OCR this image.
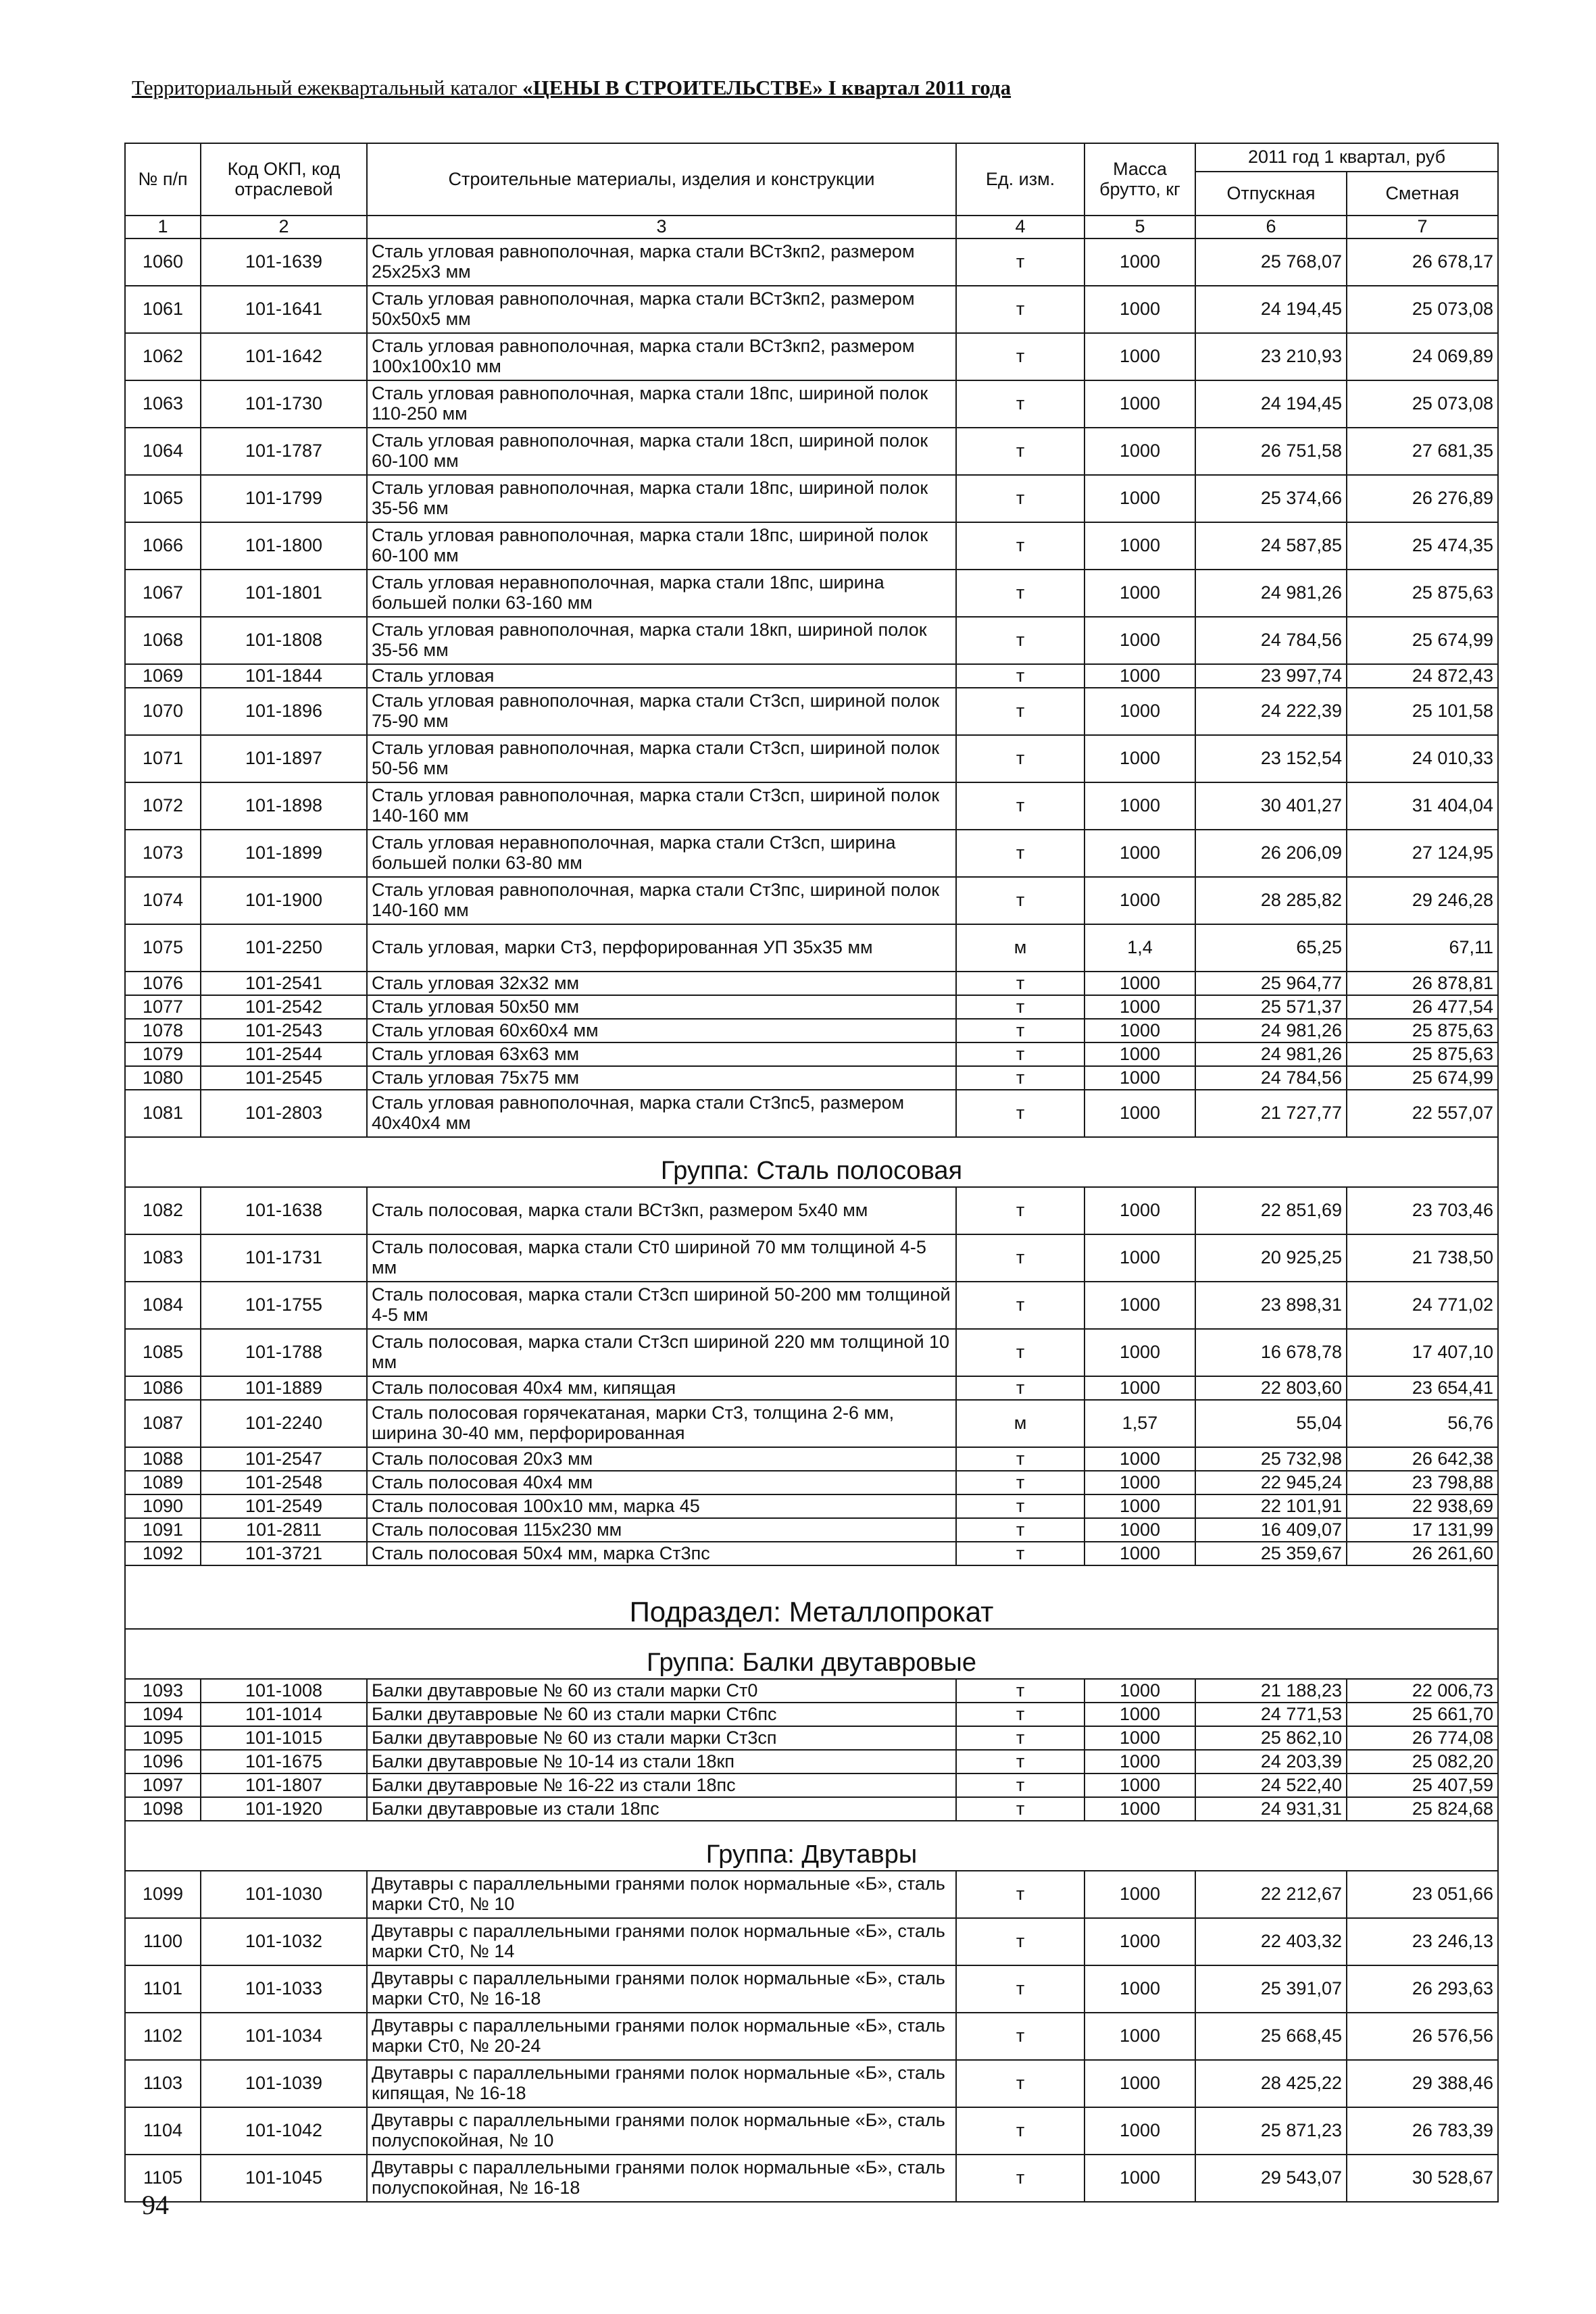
Территориальный ежеквартальный каталог «ЦЕНЫ В СТРОИТЕЛЬСТВЕ» I квартал 2011 года
№ п/п	Код ОКП, код отраслевой	Строительные материалы, изделия и конструкции	Ед. изм.	Масса брутто, кг	2011 год 1 квартал, руб	
					Отпускная	Сметная
1	2	3	4	5	6	7
1060	101-1639	Сталь угловая равнополочная, марка стали ВСт3кп2, размером 25x25x3 мм	т	1000	25 768,07	26 678,17
1061	101-1641	Сталь угловая равнополочная, марка стали ВСт3кп2, размером 50x50x5 мм	т	1000	24 194,45	25 073,08
1062	101-1642	Сталь угловая равнополочная, марка стали ВСт3кп2, размером 100x100x10 мм	т	1000	23 210,93	24 069,89
1063	101-1730	Сталь угловая равнополочная, марка стали 18пс, шириной полок 110-250 мм	т	1000	24 194,45	25 073,08
1064	101-1787	Сталь угловая равнополочная, марка стали 18сп, шириной полок 60-100 мм	т	1000	26 751,58	27 681,35
1065	101-1799	Сталь угловая равнополочная, марка стали 18пс, шириной полок 35-56 мм	т	1000	25 374,66	26 276,89
1066	101-1800	Сталь угловая равнополочная, марка стали 18пс, шириной полок 60-100 мм	т	1000	24 587,85	25 474,35
1067	101-1801	Сталь угловая неравнополочная, марка стали 18пс, ширина большей полки 63-160 мм	т	1000	24 981,26	25 875,63
1068	101-1808	Сталь угловая равнополочная, марка стали 18кп, шириной полок 35-56 мм	т	1000	24 784,56	25 674,99
1069	101-1844	Сталь угловая	т	1000	23 997,74	24 872,43
1070	101-1896	Сталь угловая равнополочная, марка стали Ст3сп, шириной полок 75-90 мм	т	1000	24 222,39	25 101,58
1071	101-1897	Сталь угловая равнополочная, марка стали Ст3сп, шириной полок 50-56 мм	т	1000	23 152,54	24 010,33
1072	101-1898	Сталь угловая равнополочная, марка стали Ст3сп, шириной полок 140-160 мм	т	1000	30 401,27	31 404,04
1073	101-1899	Сталь угловая неравнополочная, марка стали Ст3сп, ширина большей полки 63-80 мм	т	1000	26 206,09	27 124,95
1074	101-1900	Сталь угловая равнополочная, марка стали Ст3пс, шириной полок 140-160 мм	т	1000	28 285,82	29 246,28
1075	101-2250	Сталь угловая, марки Ст3, перфорированная УП 35x35 мм	м	1,4	65,25	67,11
1076	101-2541	Сталь угловая 32x32 мм	т	1000	25 964,77	26 878,81
1077	101-2542	Сталь угловая 50x50 мм	т	1000	25 571,37	26 477,54
1078	101-2543	Сталь угловая 60x60x4 мм	т	1000	24 981,26	25 875,63
1079	101-2544	Сталь угловая 63x63 мм	т	1000	24 981,26	25 875,63
1080	101-2545	Сталь угловая 75x75 мм	т	1000	24 784,56	25 674,99
1081	101-2803	Сталь угловая равнополочная, марка стали Ст3пс5, размером 40x40x4 мм	т	1000	21 727,77	22 557,07
Группа: Сталь полосовая						
1082	101-1638	Сталь полосовая, марка стали ВСт3кп, размером 5x40 мм	т	1000	22 851,69	23 703,46
1083	101-1731	Сталь полосовая, марка стали Ст0 шириной 70 мм толщиной 4-5 мм	т	1000	20 925,25	21 738,50
1084	101-1755	Сталь полосовая, марка стали Ст3сп шириной 50-200 мм толщиной 4-5 мм	т	1000	23 898,31	24 771,02
1085	101-1788	Сталь полосовая, марка стали Ст3сп шириной 220 мм толщиной 10 мм	т	1000	16 678,78	17 407,10
1086	101-1889	Сталь полосовая 40x4 мм, кипящая	т	1000	22 803,60	23 654,41
1087	101-2240	Сталь полосовая горячекатаная, марки Ст3, толщина 2-6 мм, ширина 30-40 мм, перфорированная	м	1,57	55,04	56,76
1088	101-2547	Сталь полосовая 20x3 мм	т	1000	25 732,98	26 642,38
1089	101-2548	Сталь полосовая 40x4 мм	т	1000	22 945,24	23 798,88
1090	101-2549	Сталь полосовая 100x10 мм, марка 45	т	1000	22 101,91	22 938,69
1091	101-2811	Сталь полосовая 115x230 мм	т	1000	16 409,07	17 131,99
1092	101-3721	Сталь полосовая 50x4 мм, марка Ст3пс	т	1000	25 359,67	26 261,60
Подраздел: Металлопрокат						
Группа: Балки двутавровые						
1093	101-1008	Балки двутавровые № 60 из стали марки Ст0	т	1000	21 188,23	22 006,73
1094	101-1014	Балки двутавровые № 60 из стали марки Ст6пс	т	1000	24 771,53	25 661,70
1095	101-1015	Балки двутавровые № 60 из стали марки Ст3сп	т	1000	25 862,10	26 774,08
1096	101-1675	Балки двутавровые № 10-14 из стали 18кп	т	1000	24 203,39	25 082,20
1097	101-1807	Балки двутавровые № 16-22 из стали 18пс	т	1000	24 522,40	25 407,59
1098	101-1920	Балки двутавровые из стали 18пс	т	1000	24 931,31	25 824,68
Группа: Двутавры						
1099	101-1030	Двутавры с параллельными гранями полок нормальные «Б», сталь марки Ст0, № 10	т	1000	22 212,67	23 051,66
1100	101-1032	Двутавры с параллельными гранями полок нормальные «Б», сталь марки Ст0, № 14	т	1000	22 403,32	23 246,13
1101	101-1033	Двутавры с параллельными гранями полок нормальные «Б», сталь марки Ст0, № 16-18	т	1000	25 391,07	26 293,63
1102	101-1034	Двутавры с параллельными гранями полок нормальные «Б», сталь марки Ст0, № 20-24	т	1000	25 668,45	26 576,56
1103	101-1039	Двутавры с параллельными гранями полок нормальные «Б», сталь кипящая, № 16-18	т	1000	28 425,22	29 388,46
1104	101-1042	Двутавры с параллельными гранями полок нормальные «Б», сталь полуспокойная, № 10	т	1000	25 871,23	26 783,39
1105	101-1045	Двутавры с параллельными гранями полок нормальные «Б», сталь полуспокойная, № 16-18	т	1000	29 543,07	30 528,67
94
